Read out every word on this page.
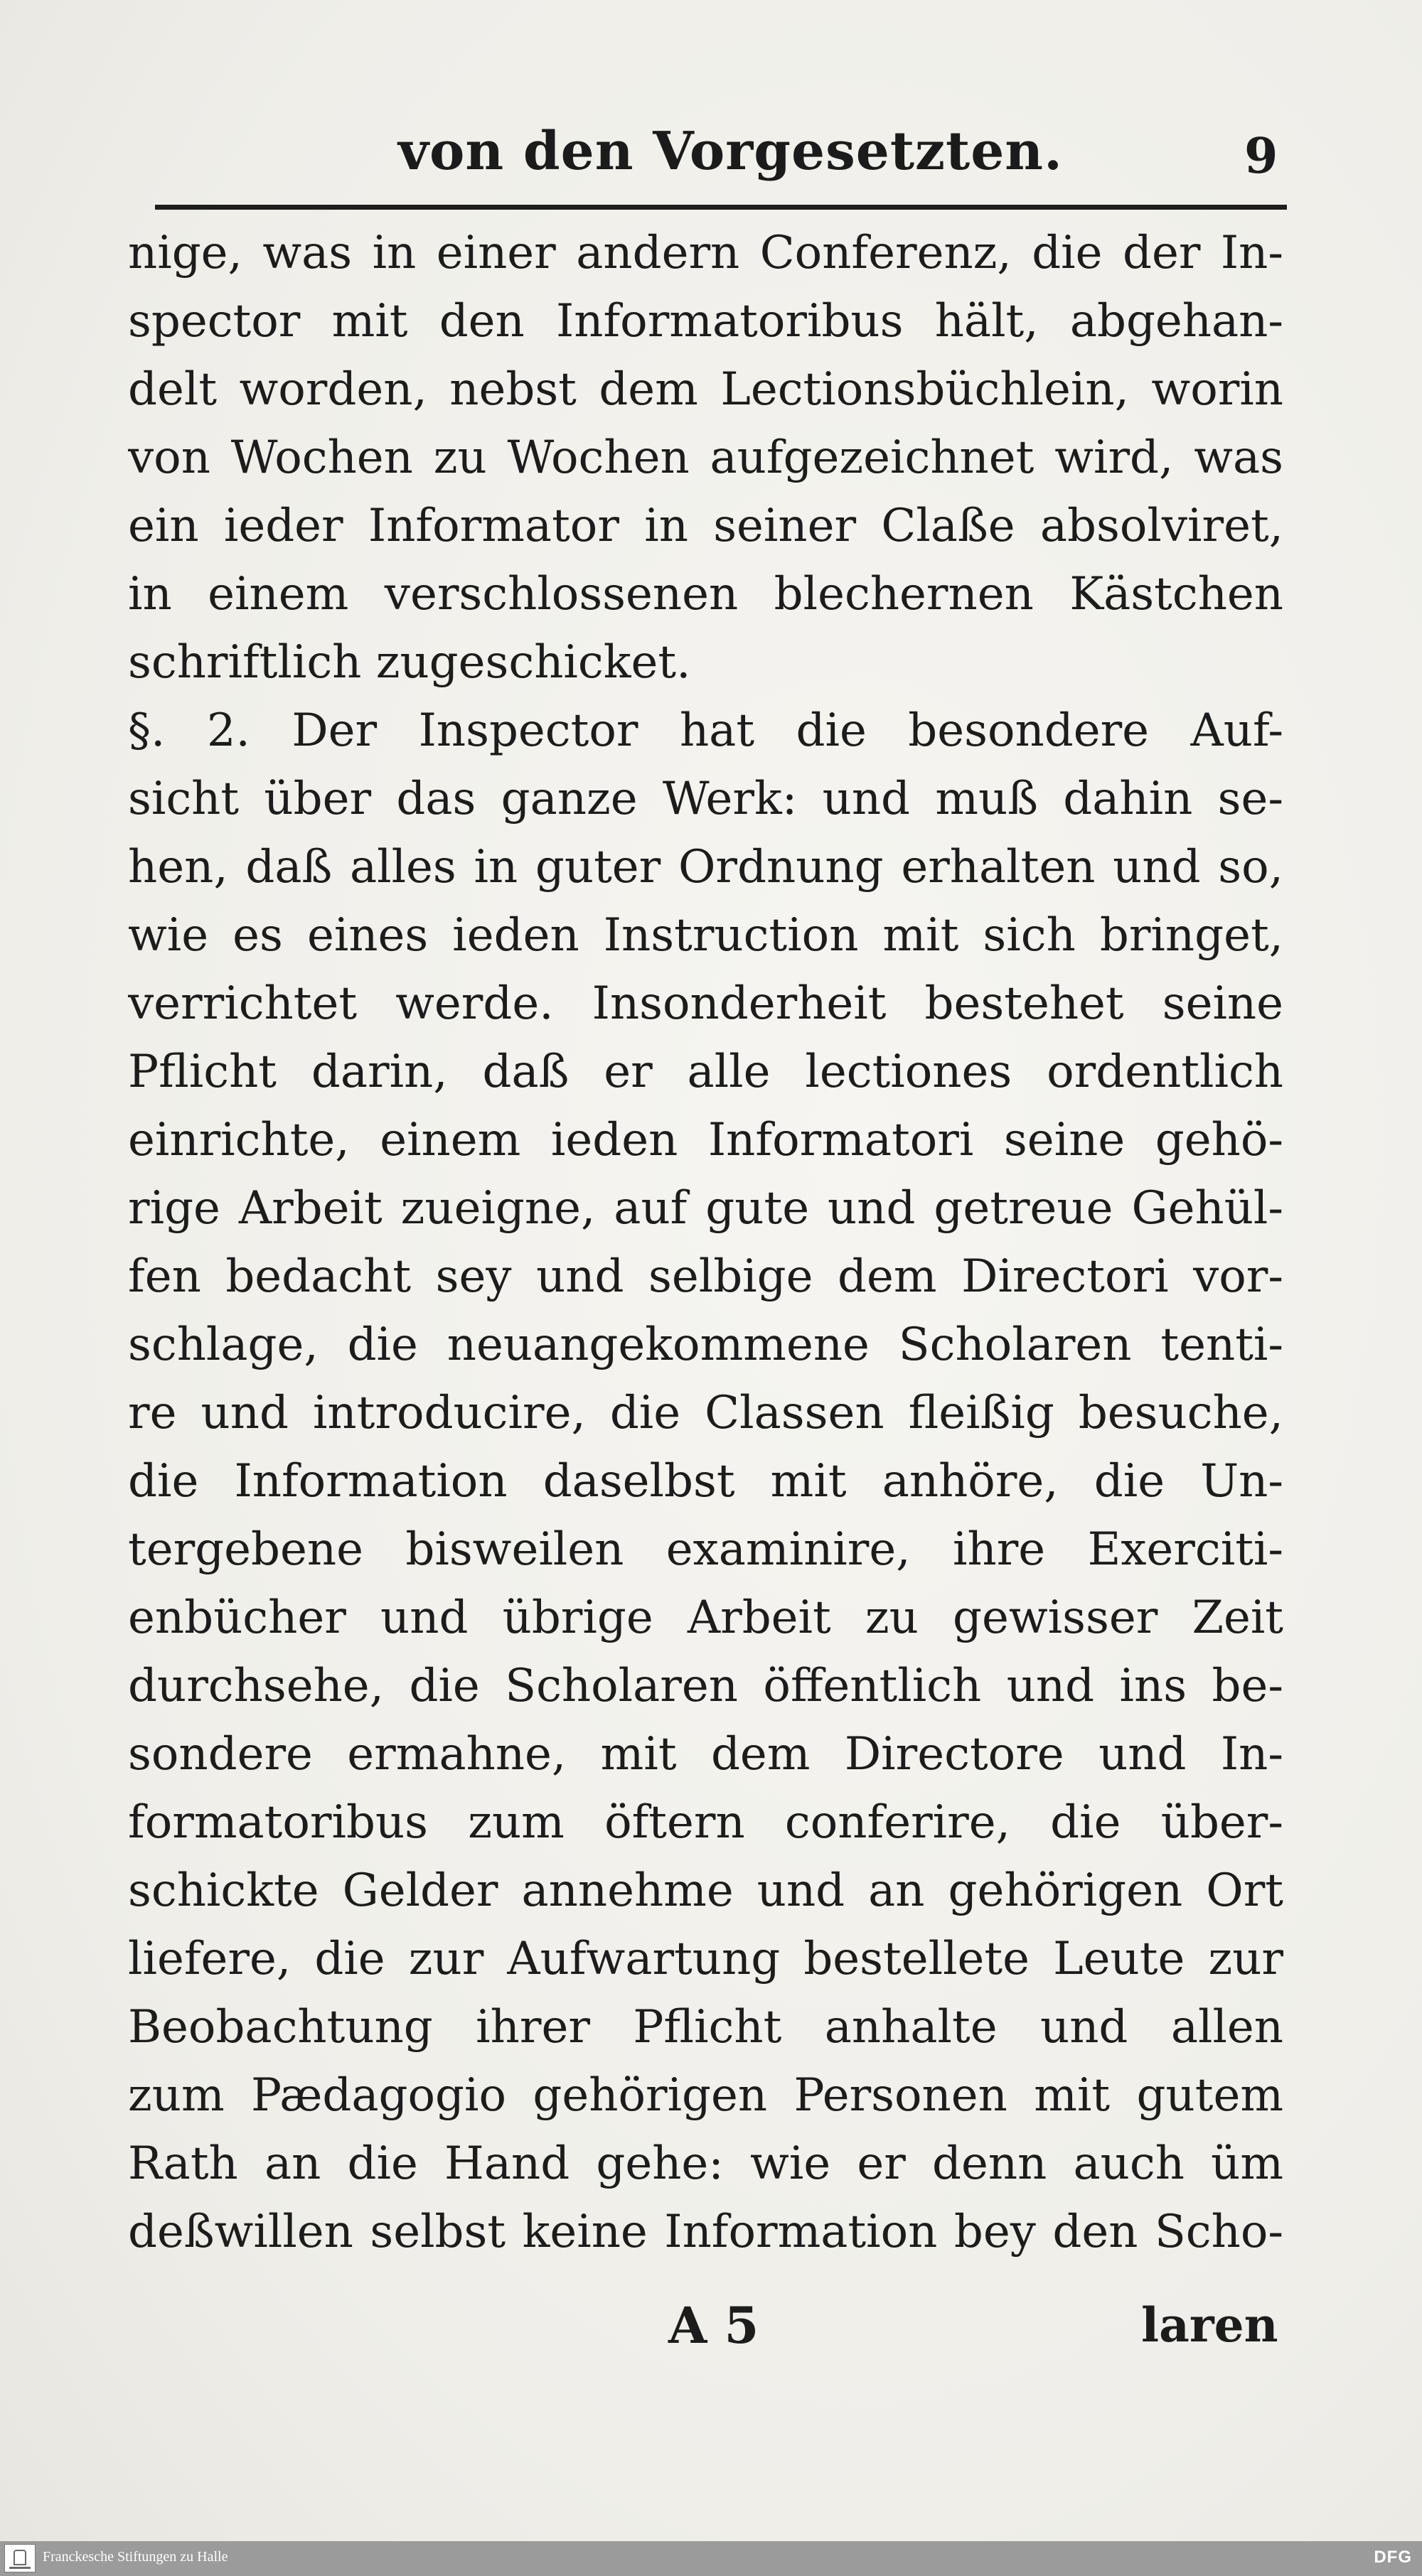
von den Vorgesetzten.	9
nige, was in einer andern Conferenz, die der In-
spector mit den Informatoribus hält, abgehan-
delt worden, nebst dem Lectionsbüchlein, worin
von Wochen zu Wochen aufgezeichnet wird, was
ein ieder Informator in seiner Claße absolviret,
in einem verschlossenen blechernen Kästchen
schriftlich zugeschicket.
§. 2. Der Inspector hat die besondere Auf-
sicht über das ganze Werk: und muß dahin se-
hen, daß alles in guter Ordnung erhalten und so,
wie es eines ieden Instruction mit sich bringet,
verrichtet werde. Insonderheit bestehet seine
Pflicht darin, daß er alle lectiones ordentlich
einrichte, einem ieden Informatori seine gehö-
rige Arbeit zueigne, auf gute und getreue Gehül-
fen bedacht sey und selbige dem Directori vor-
schlage, die neuangekommene Scholaren tenti-
re und introducire, die Classen fleißig besuche,
die Information daselbst mit anhöre, die Un-
tergebene bisweilen examinire, ihre Exerciti-
enbücher und übrige Arbeit zu gewisser Zeit
durchsehe, die Scholaren öffentlich und ins be-
sondere ermahne, mit dem Directore und In-
formatoribus zum öftern conferire, die über-
schickte Gelder annehme und an gehörigen Ort
liefere, die zur Aufwartung bestellete Leute zur
Beobachtung ihrer Pflicht anhalte und allen
zum Pædagogio gehörigen Personen mit gutem
Rath an die Hand gehe: wie er denn auch üm
deßwillen selbst keine Information bey den Scho-
A 5	laren
Franckesche Stiftungen zu Halle	DFG
